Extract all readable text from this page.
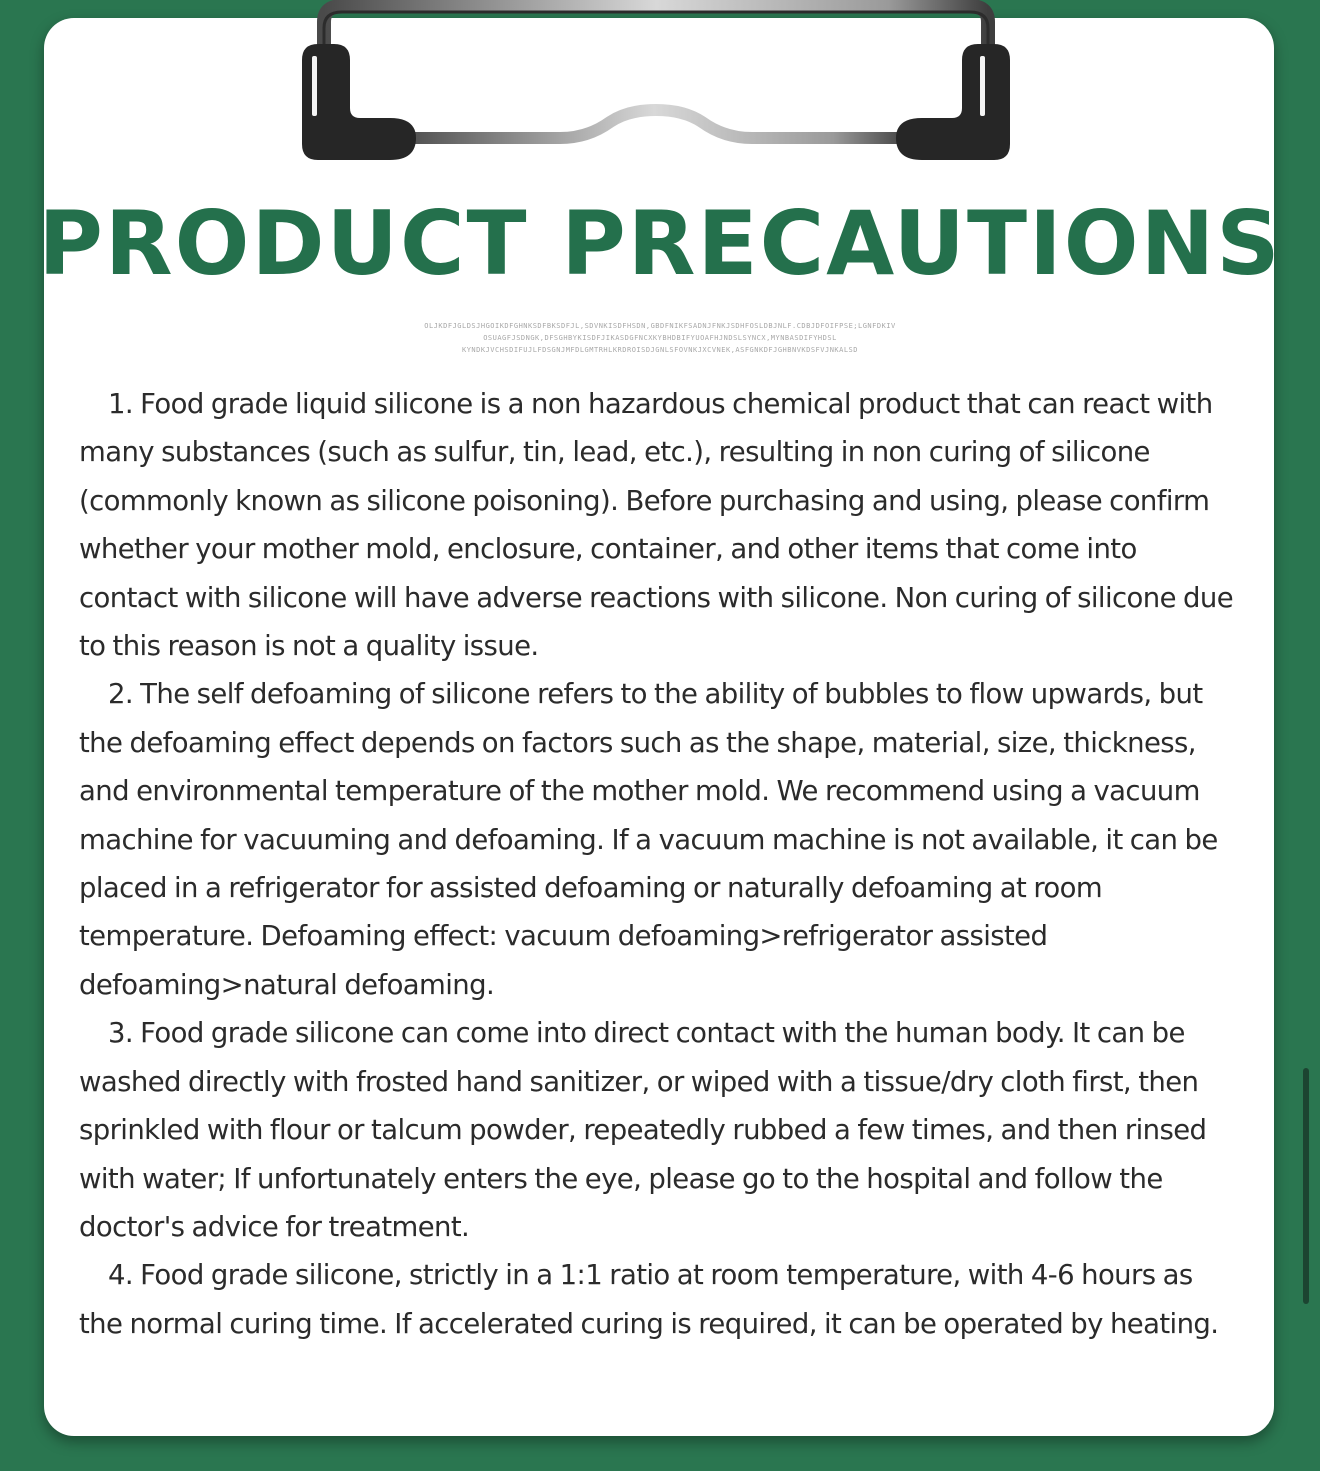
PRODUCT PRECAUTIONS
OLJKDFJGLDSJHGOIKDFGHNKSDFBKSDFJL,SDVNKISDFHSDN,GBDFNIKFSADNJFNKJSDHFOSLDBJNLF.CDBJDFOIFPSE;LGNFDKIV
OSUAGFJSDNGK,DFSGHBYKISDFJIKASDGFNCXKYBHDBIFYUOAFHJNDSLSYNCX,MYNBASDIFYHDSL
KYNDKJVCHSDIFUJLFDSGNJMFDLGMTRHLKRDROISDJGNLSFOVNKJXCVNEK,ASFGNKDFJGHBNVKDSFVJNKALSD

1. Food grade liquid silicone is a non hazardous chemical product that can react with many substances (such as sulfur, tin, lead, etc.), resulting in non curing of silicone (commonly known as silicone poisoning). Before purchasing and using, please confirm whether your mother mold, enclosure, container, and other items that come into contact with silicone will have adverse reactions with silicone. Non curing of silicone due to this reason is not a quality issue.

2. The self defoaming of silicone refers to the ability of bubbles to flow upwards, but the defoaming effect depends on factors such as the shape, material, size, thickness, and environmental temperature of the mother mold. We recommend using a vacuum machine for vacuuming and defoaming. If a vacuum machine is not available, it can be placed in a refrigerator for assisted defoaming or naturally defoaming at room temperature. Defoaming effect: vacuum defoaming>refrigerator assisted defoaming>natural defoaming.

3. Food grade silicone can come into direct contact with the human body. It can be washed directly with frosted hand sanitizer, or wiped with a tissue/dry cloth first, then sprinkled with flour or talcum powder, repeatedly rubbed a few times, and then rinsed with water; If unfortunately enters the eye, please go to the hospital and follow the doctor's advice for treatment.

4. Food grade silicone, strictly in a 1:1 ratio at room temperature, with 4-6 hours as the normal curing time. If accelerated curing is required, it can be operated by heating.
